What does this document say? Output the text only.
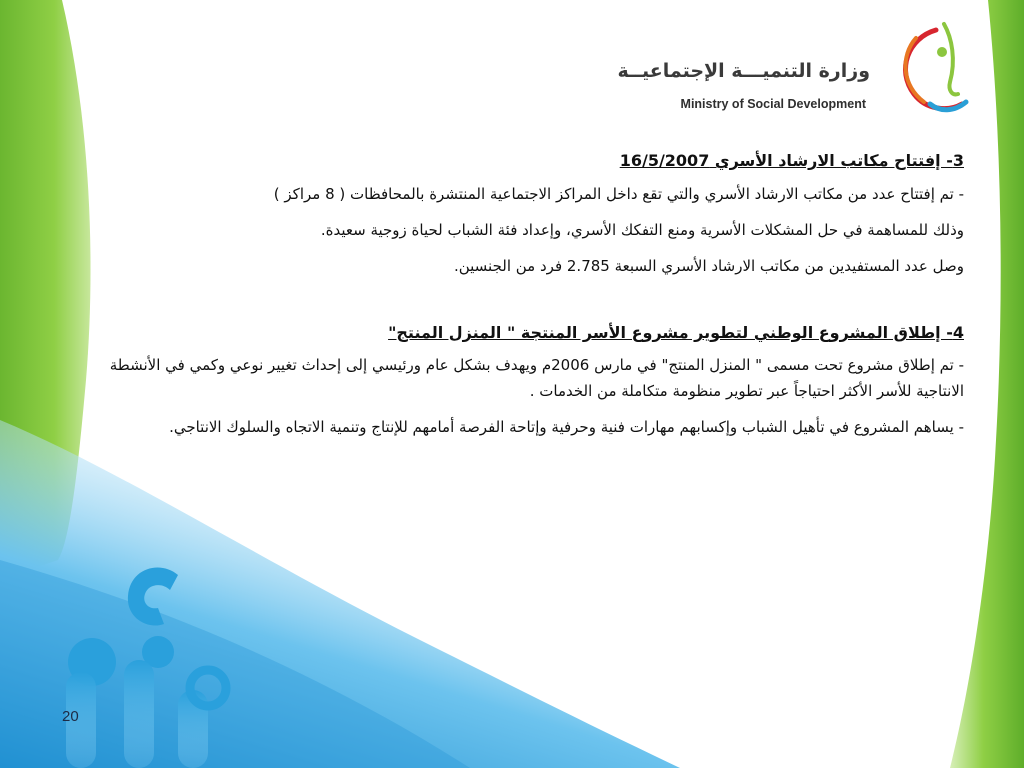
وزارة التنميـــة الإجتماعيــة
Ministry of Social Development

3- إفتتاح مكاتب الارشاد الأسري 16/5/2007

- تم إفتتاح عدد من مكاتب الارشاد الأسري والتي تقع داخل المراكز الاجتماعية المنتشرة بالمحافظات ( 8 مراكز )

وذلك للمساهمة في حل المشكلات الأسرية ومنع التفكك الأسري، وإعداد فئة الشباب لحياة زوجية سعيدة.

وصل عدد المستفيدين من مكاتب الارشاد الأسري السبعة 2.785 فرد من الجنسين.

4- إطلاق المشروع الوطني لتطوير مشروع الأسر المنتجة " المنزل المنتج"

- تم إطلاق مشروع تحت مسمى " المنزل المنتج" في مارس 2006م ويهدف بشكل عام ورئيسي إلى إحداث تغيير نوعي وكمي في الأنشطة الانتاجية للأسر الأكثر احتياجاً عبر تطوير منظومة متكاملة من الخدمات .

- يساهم المشروع في تأهيل الشباب وإكسابهم مهارات فنية وحرفية وإتاحة الفرصة أمامهم للإنتاج وتنمية الاتجاه والسلوك الانتاجي.

20
